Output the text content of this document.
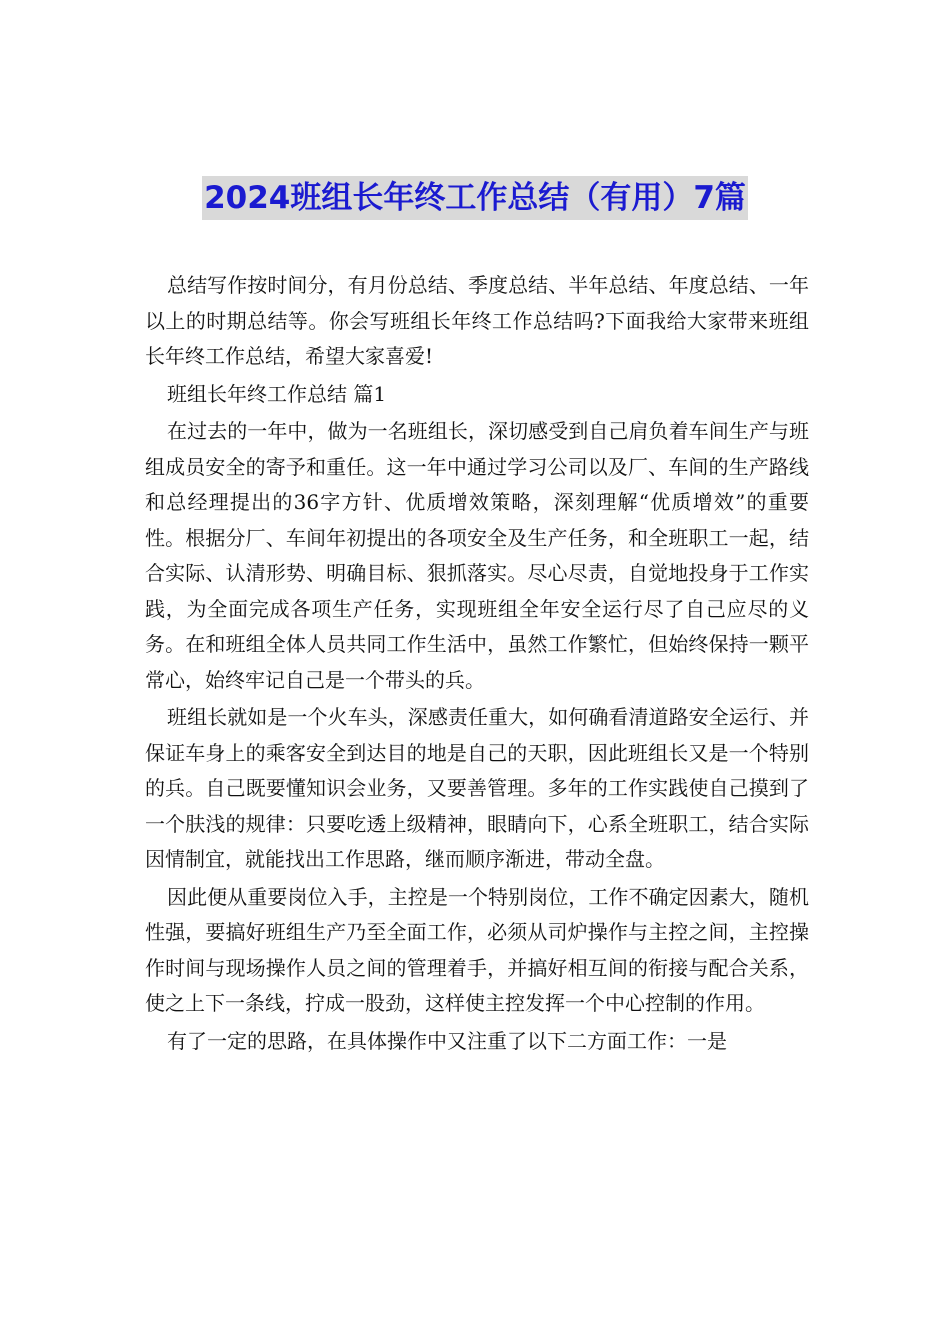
2024班组长年终工作总结（有用）7篇

总结写作按时间分，有月份总结、季度总结、半年总结、年度总结、一年以上的时期总结等。你会写班组长年终工作总结吗?下面我给大家带来班组长年终工作总结，希望大家喜爱!

班组长年终工作总结 篇1

在过去的一年中，做为一名班组长，深切感受到自己肩负着车间生产与班组成员安全的寄予和重任。这一年中通过学习公司以及厂、车间的生产路线和总经理提出的36字方针、优质增效策略，深刻理解“优质增效”的重要性。根据分厂、车间年初提出的各项安全及生产任务，和全班职工一起，结合实际、认清形势、明确目标、狠抓落实。尽心尽责，自觉地投身于工作实践，为全面完成各项生产任务，实现班组全年安全运行尽了自己应尽的义务。在和班组全体人员共同工作生活中，虽然工作繁忙，但始终保持一颗平常心，始终牢记自己是一个带头的兵。

班组长就如是一个火车头，深感责任重大，如何确看清道路安全运行、并保证车身上的乘客安全到达目的地是自己的天职，因此班组长又是一个特别的兵。自己既要懂知识会业务，又要善管理。多年的工作实践使自己摸到了一个肤浅的规律：只要吃透上级精神，眼睛向下，心系全班职工，结合实际因情制宜，就能找出工作思路，继而顺序渐进，带动全盘。

因此便从重要岗位入手，主控是一个特别岗位，工作不确定因素大，随机性强，要搞好班组生产乃至全面工作，必须从司炉操作与主控之间，主控操作时间与现场操作人员之间的管理着手，并搞好相互间的衔接与配合关系，使之上下一条线，拧成一股劲，这样使主控发挥一个中心控制的作用。

有了一定的思路，在具体操作中又注重了以下二方面工作：一是
